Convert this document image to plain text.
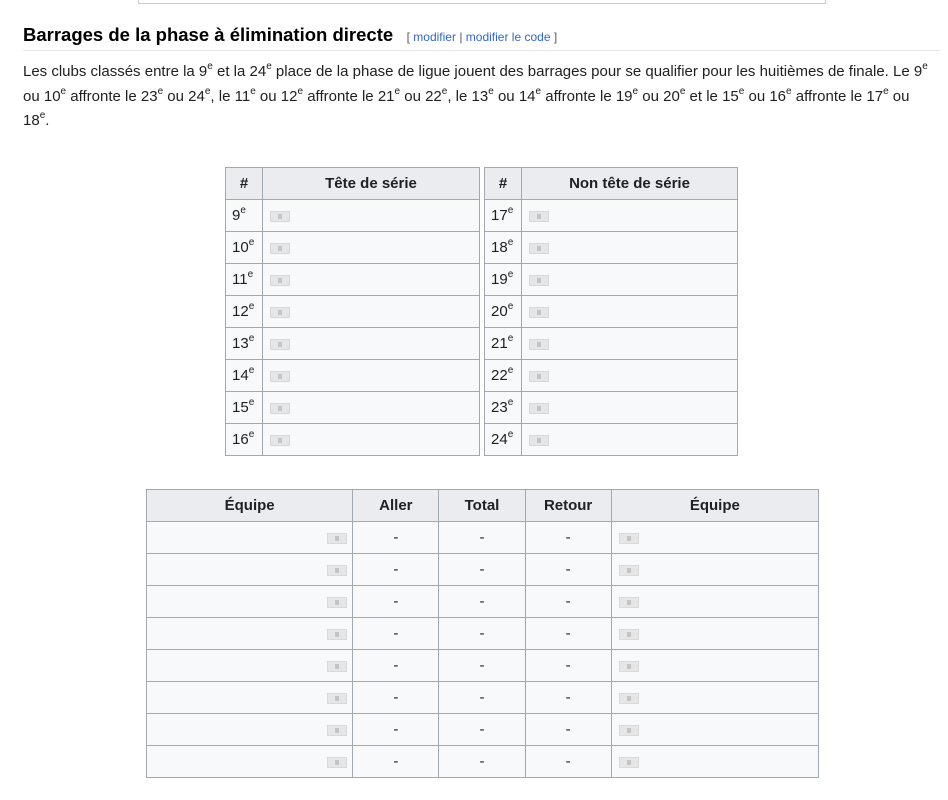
Barrages de la phase à élimination directe [ modifier | modifier le code ]
Les clubs classés entre la 9e et la 24e place de la phase de ligue jouent des barrages pour se qualifier pour les huitièmes de finale. Le 9e ou 10e affronte le 23e ou 24e, le 11e ou 12e affronte le 21e ou 22e, le 13e ou 14e affronte le 19e ou 20e et le 15e ou 16e affronte le 17e ou 18e.
#	Tête de série
9e	
10e	
11e	
12e	
13e	
14e	
15e	
16e	
#	Non tête de série
17e	
18e	
19e	
20e	
21e	
22e	
23e	
24e	
Équipe	Aller	Total	Retour	Équipe
	-	-	-	
	-	-	-	
	-	-	-	
	-	-	-	
	-	-	-	
	-	-	-	
	-	-	-	
	-	-	-	
